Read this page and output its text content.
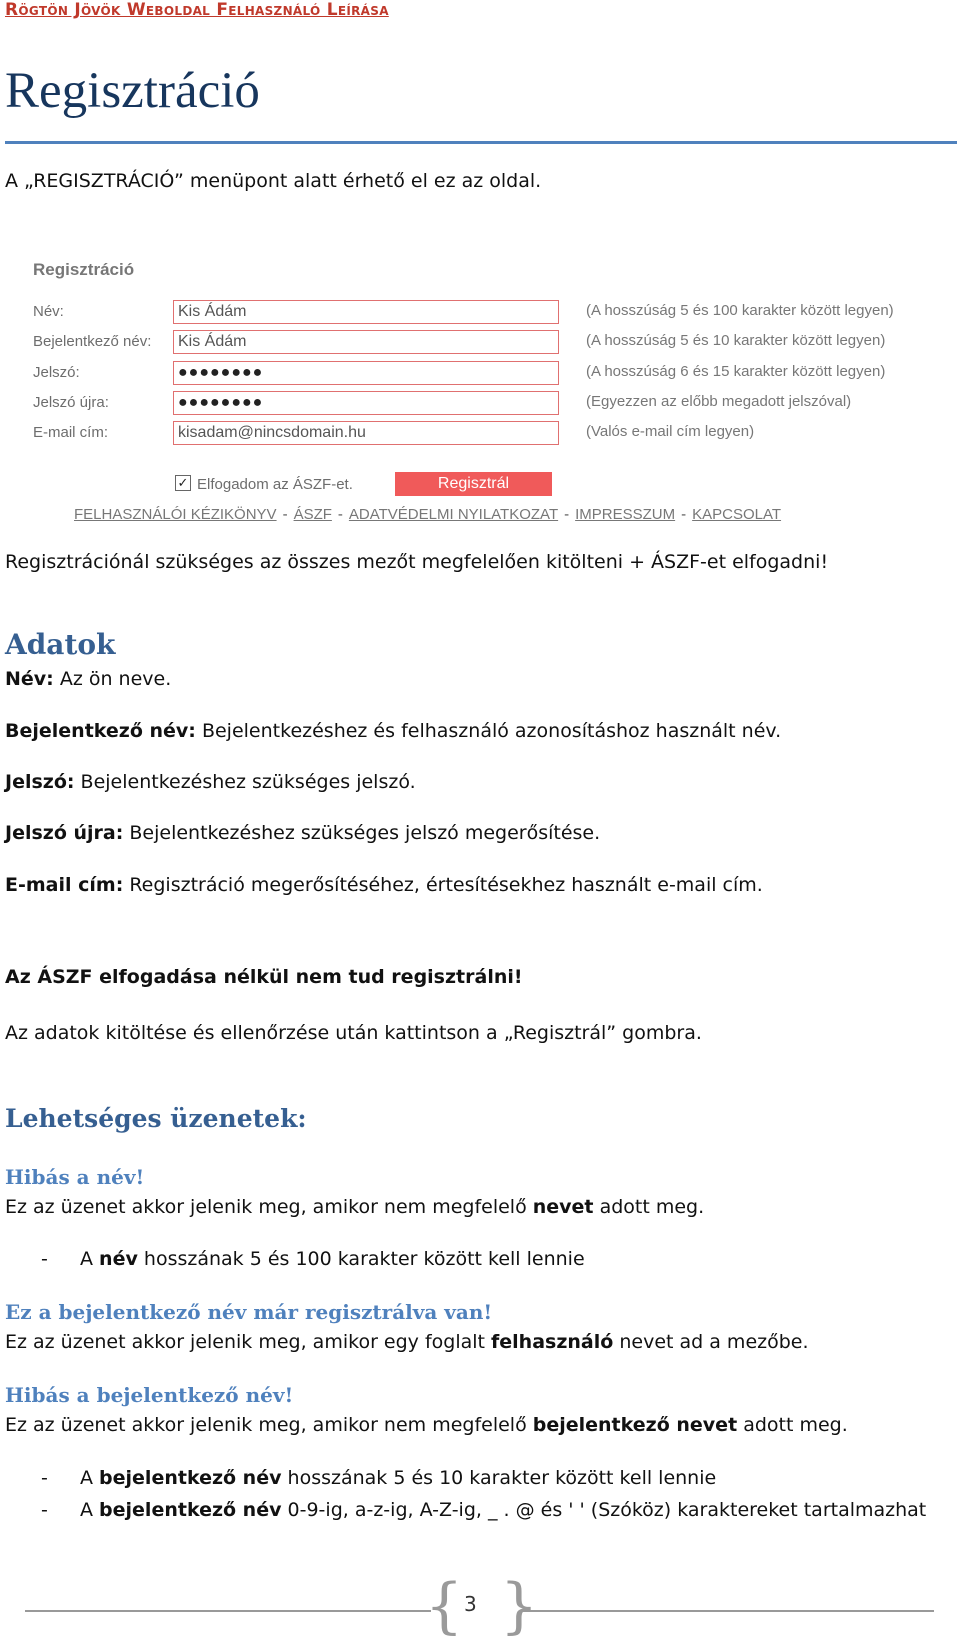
Rögtön Jövök Weboldal Felhasználó Leírása
Regisztráció
A „REGISZTRÁCIÓ” menüpont alatt érhető el ez az oldal.
Regisztráció
Név:	Kis Ádám	(A hosszúság 5 és 100 karakter között legyen)
Bejelentkező név:	Kis Ádám	(A hosszúság 5 és 10 karakter között legyen)
Jelszó:	●●●●●●●●	(A hosszúság 6 és 15 karakter között legyen)
Jelszó újra:	●●●●●●●●	(Egyezzen az előbb megadott jelszóval)
E-mail cím:	kisadam@nincsdomain.hu	(Valós e-mail cím legyen)
✓ Elfogadom az ÁSZF-et.	Regisztrál
FELHASZNÁLÓI KÉZIKÖNYV - ÁSZF - ADATVÉDELMI NYILATKOZAT - IMPRESSZUM - KAPCSOLAT
Regisztrációnál szükséges az összes mezőt megfelelően kitölteni + ÁSZF-et elfogadni!
Adatok
Név: Az ön neve.
Bejelentkező név: Bejelentkezéshez és felhasználó azonosításhoz használt név.
Jelszó: Bejelentkezéshez szükséges jelszó.
Jelszó újra: Bejelentkezéshez szükséges jelszó megerősítése.
E-mail cím: Regisztráció megerősítéséhez, értesítésekhez használt e-mail cím.
Az ÁSZF elfogadása nélkül nem tud regisztrálni!
Az adatok kitöltése és ellenőrzése után kattintson a „Regisztrál” gombra.
Lehetséges üzenetek:
Hibás a név!
Ez az üzenet akkor jelenik meg, amikor nem megfelelő nevet adott meg.
- A név hosszának 5 és 100 karakter között kell lennie
Ez a bejelentkező név már regisztrálva van!
Ez az üzenet akkor jelenik meg, amikor egy foglalt felhasználó nevet ad a mezőbe.
Hibás a bejelentkező név!
Ez az üzenet akkor jelenik meg, amikor nem megfelelő bejelentkező nevet adott meg.
- A bejelentkező név hosszának 5 és 10 karakter között kell lennie
- A bejelentkező név 0-9-ig, a-z-ig, A-Z-ig, _ . @ és ' ' (Szóköz) karaktereket tartalmazhat
{ }
3
